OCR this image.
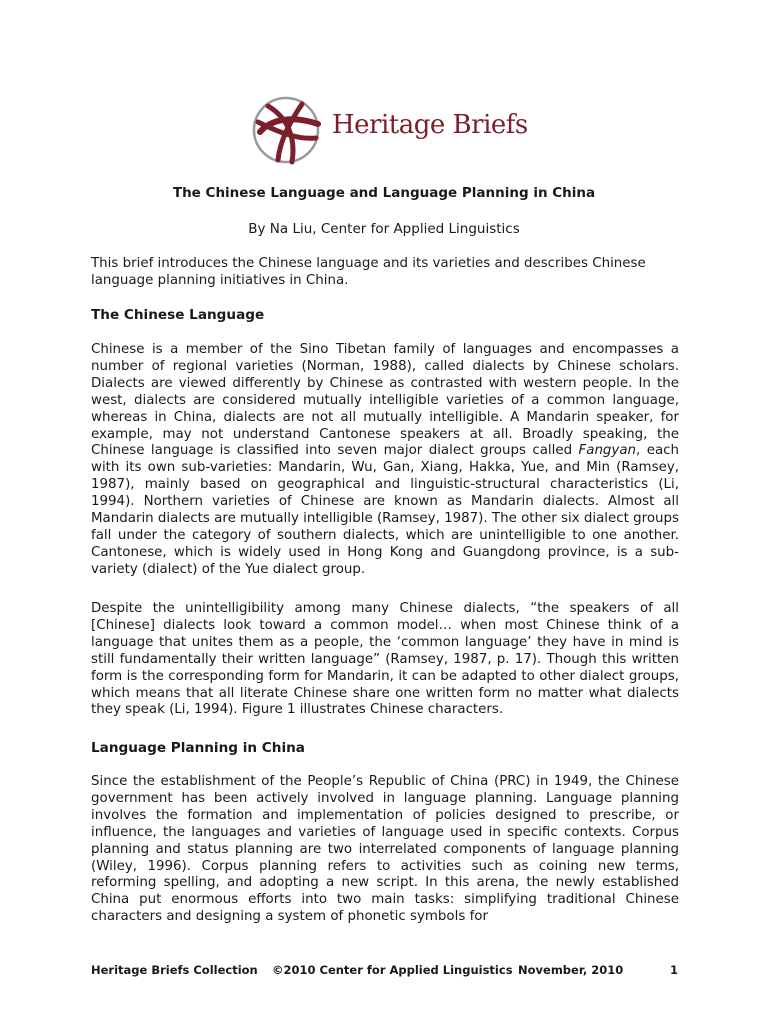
Heritage Briefs
The Chinese Language and Language Planning in China
By Na Liu, Center for Applied Linguistics
This brief introduces the Chinese language and its varieties and describes Chinese language planning initiatives in China.
The Chinese Language
Chinese is a member of the Sino Tibetan family of languages and encompasses a number of regional varieties (Norman, 1988), called dialects by Chinese scholars. Dialects are viewed differently by Chinese as contrasted with western people. In the west, dialects are considered mutually intelligible varieties of a common language, whereas in China, dialects are not all mutually intelligible. A Mandarin speaker, for example, may not understand Cantonese speakers at all. Broadly speaking, the Chinese language is classified into seven major dialect groups called Fangyan, each with its own sub-varieties: Mandarin, Wu, Gan, Xiang, Hakka, Yue, and Min (Ramsey, 1987), mainly based on geographical and linguistic-structural characteristics (Li, 1994). Northern varieties of Chinese are known as Mandarin dialects. Almost all Mandarin dialects are mutually intelligible (Ramsey, 1987). The other six dialect groups fall under the category of southern dialects, which are unintelligible to one another. Cantonese, which is widely used in Hong Kong and Guangdong province, is a sub-variety (dialect) of the Yue dialect group.
Despite the unintelligibility among many Chinese dialects, “the speakers of all [Chinese] dialects look toward a common model… when most Chinese think of a language that unites them as a people, the ‘common language’ they have in mind is still fundamentally their written language” (Ramsey, 1987, p. 17). Though this written form is the corresponding form for Mandarin, it can be adapted to other dialect groups, which means that all literate Chinese share one written form no matter what dialects they speak (Li, 1994). Figure 1 illustrates Chinese characters.
Language Planning in China
Since the establishment of the People’s Republic of China (PRC) in 1949, the Chinese government has been actively involved in language planning. Language planning involves the formation and implementation of policies designed to prescribe, or influence, the languages and varieties of language used in specific contexts. Corpus planning and status planning are two interrelated components of language planning (Wiley, 1996). Corpus planning refers to activities such as coining new terms, reforming spelling, and adopting a new script. In this arena, the newly established China put enormous efforts into two main tasks: simplifying traditional Chinese characters and designing a system of phonetic symbols for
Heritage Briefs Collection ©2010 Center for Applied Linguistics November, 2010	1
